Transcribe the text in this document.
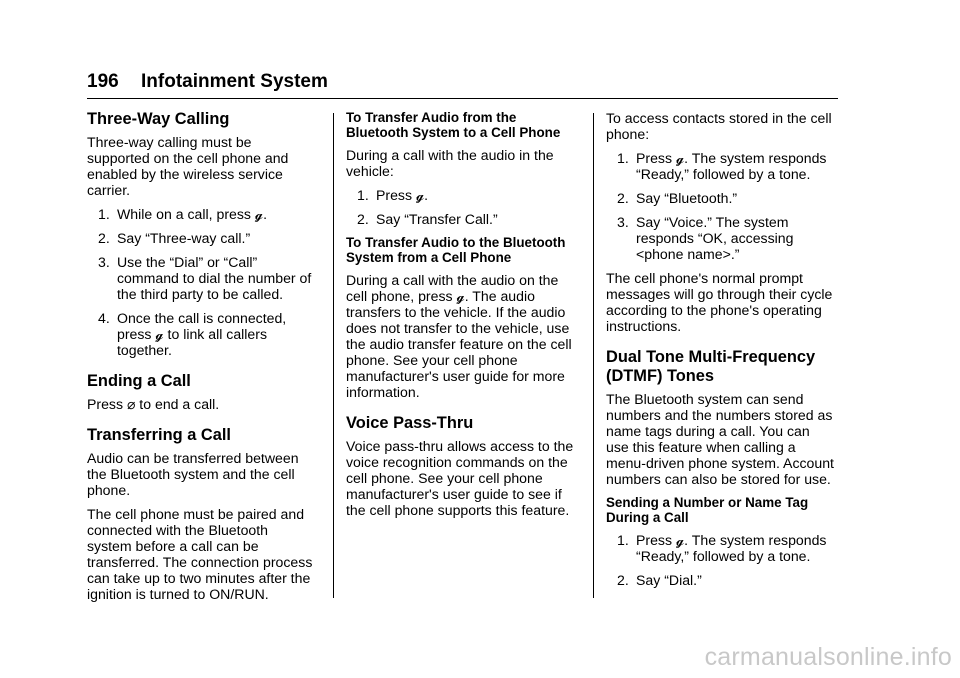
196 Infotainment System
Three-Way Calling

Three-way calling must be supported on the cell phone and enabled by the wireless service carrier.

1. While on a call, press 𝓰.
2. Say “Three-way call.”
3. Use the “Dial” or “Call” command to dial the number of the third party to be called.
4. Once the call is connected, press 𝓰 to link all callers together.
Ending a Call

Press ⌀ to end a call.

Transferring a Call

Audio can be transferred between the Bluetooth system and the cell phone.

The cell phone must be paired and connected with the Bluetooth system before a call can be transferred. The connection process can take up to two minutes after the ignition is turned to ON/RUN.

To Transfer Audio from the Bluetooth System to a Cell Phone

During a call with the audio in the vehicle:

1. Press 𝓰.
2. Say “Transfer Call.”
To Transfer Audio to the Bluetooth System from a Cell Phone

During a call with the audio on the cell phone, press 𝓰. The audio transfers to the vehicle. If the audio does not transfer to the vehicle, use the audio transfer feature on the cell phone. See your cell phone manufacturer's user guide for more information.

Voice Pass-Thru

Voice pass-thru allows access to the voice recognition commands on the cell phone. See your cell phone manufacturer's user guide to see if the cell phone supports this feature.

To access contacts stored in the cell phone:

1. Press 𝓰. The system responds “Ready,” followed by a tone.
2. Say “Bluetooth.”
3. Say “Voice.” The system responds “OK, accessing <phone name>.”

The cell phone's normal prompt messages will go through their cycle according to the phone's operating instructions.

Dual Tone Multi-Frequency (DTMF) Tones

The Bluetooth system can send numbers and the numbers stored as name tags during a call. You can use this feature when calling a menu-driven phone system. Account numbers can also be stored for use.

Sending a Number or Name Tag During a Call
1. Press 𝓰. The system responds “Ready,” followed by a tone.
2. Say “Dial.”
carmanualsonline.info
